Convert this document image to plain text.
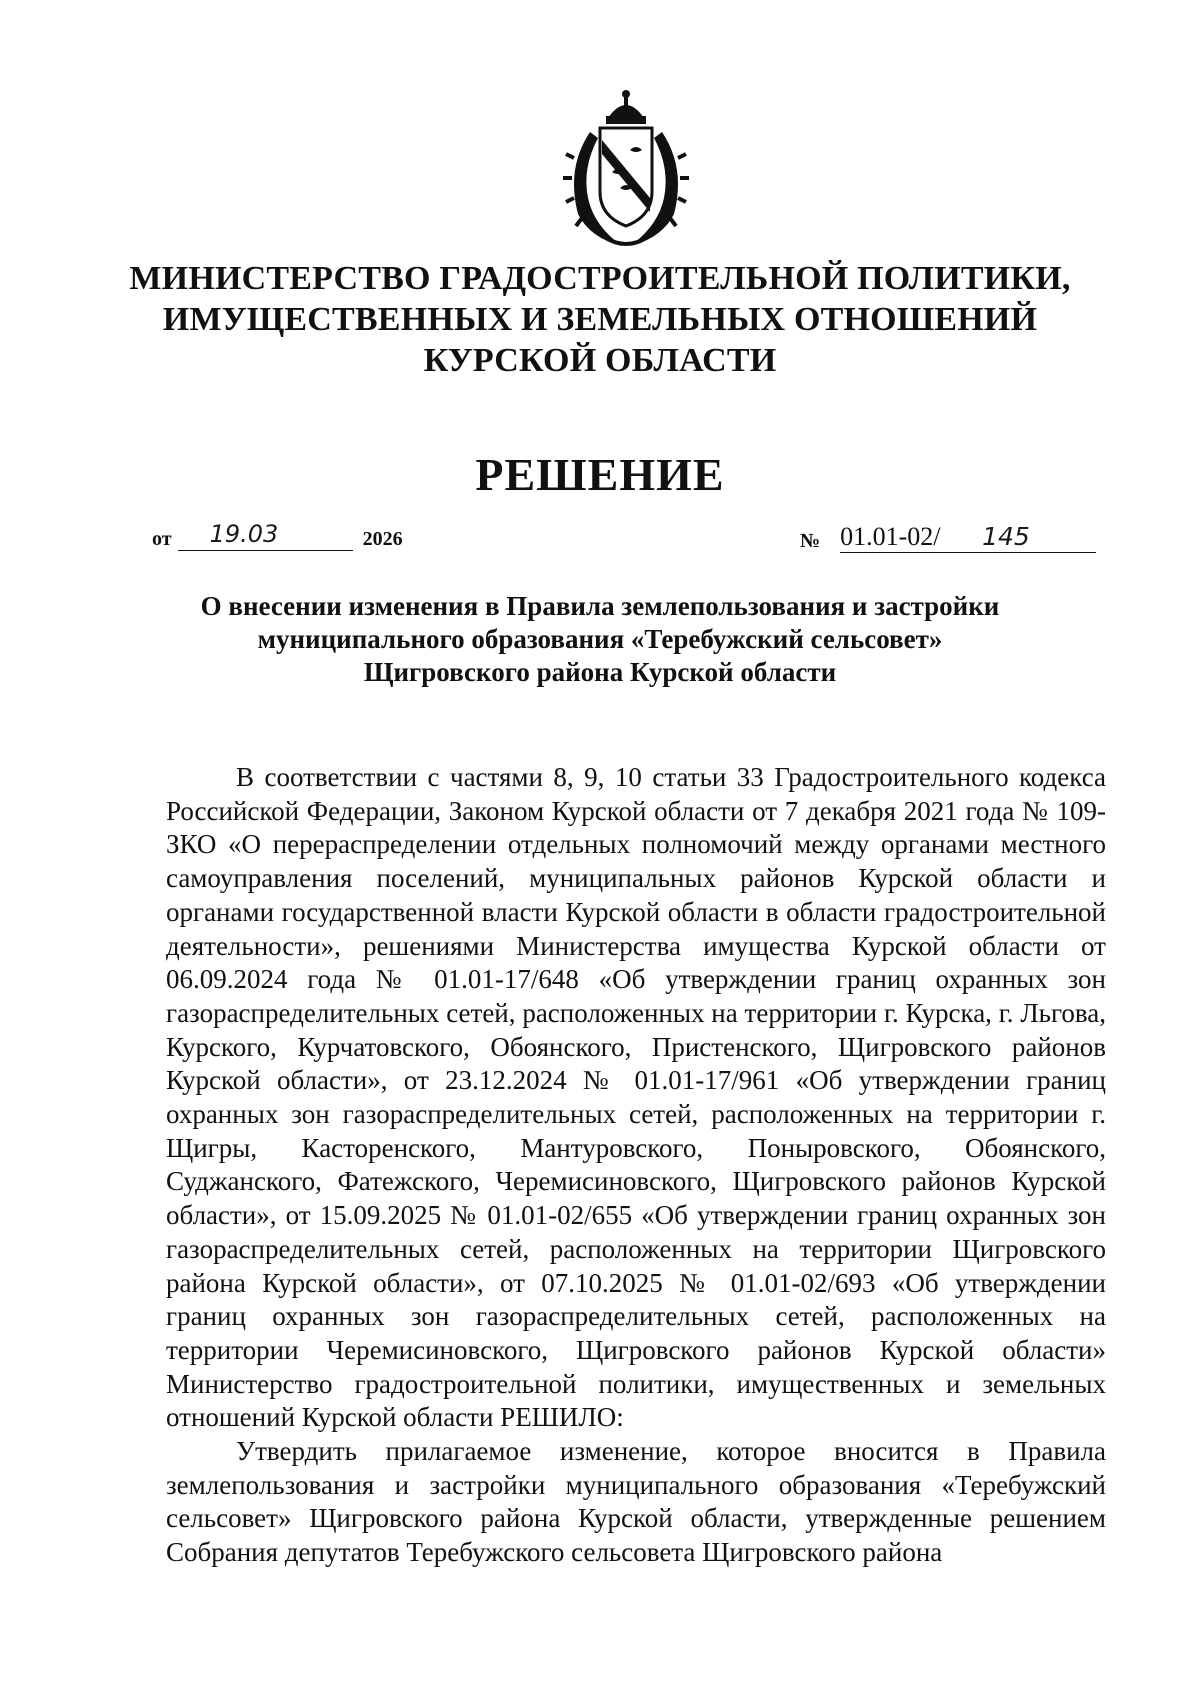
МИНИСТЕРСТВО ГРАДОСТРОИТЕЛЬНОЙ ПОЛИТИКИ,
ИМУЩЕСТВЕННЫХ И ЗЕМЕЛЬНЫХ ОТНОШЕНИЙ
КУРСКОЙ ОБЛАСТИ
РЕШЕНИЕ
от 19.03	2026	№ 01.01-02/ 145
О внесении изменения в Правила землепользования и застройки
муниципального образования «Теребужский сельсовет»
Щигровского района Курской области

В соответствии с частями 8, 9, 10 статьи 33 Градостроительного кодекса Российской Федерации, Законом Курской области от 7 декабря 2021 года № 109-ЗКО «О перераспределении отдельных полномочий между органами местного самоуправления поселений, муниципальных районов Курской области и органами государственной власти Курской области в области градостроительной деятельности», решениями Министерства имущества Курской области от 06.09.2024 года № 01.01-17/648 «Об утверждении границ охранных зон газораспределительных сетей, расположенных на территории г. Курска, г. Льгова, Курского, Курчатовского, Обоянского, Пристенского, Щигровского районов Курской области», от 23.12.2024 № 01.01-17/961 «Об утверждении границ охранных зон газораспределительных сетей, расположенных на территории г. Щигры, Касторенского, Мантуровского, Поныровского, Обоянского, Суджанского, Фатежского, Черемисиновского, Щигровского районов Курской области», от 15.09.2025 № 01.01-02/655 «Об утверждении границ охранных зон газораспределительных сетей, расположенных на территории Щигровского района Курской области», от 07.10.2025 № 01.01-02/693 «Об утверждении границ охранных зон газораспределительных сетей, расположенных на территории Черемисиновского, Щигровского районов Курской области» Министерство градостроительной политики, имущественных и земельных отношений Курской области РЕШИЛО:

Утвердить прилагаемое изменение, которое вносится в Правила землепользования и застройки муниципального образования «Теребужский сельсовет» Щигровского района Курской области, утвержденные решением Собрания депутатов Теребужского сельсовета Щигровского района
